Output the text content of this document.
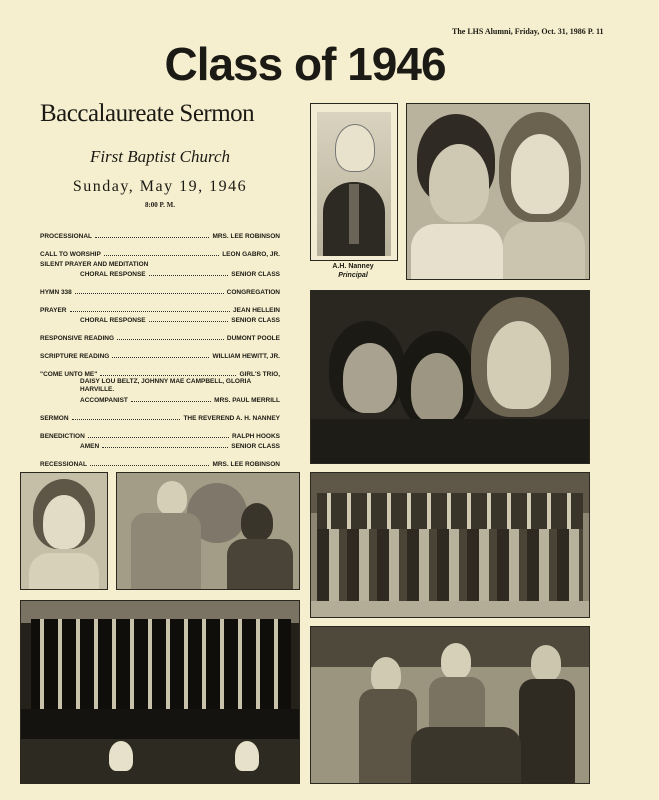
The LHS Alumni, Friday, Oct. 31, 1986 P. 11
Class of 1946
Baccalaureate Sermon
First Baptist Church
Sunday, May 19, 1946
8:00 P. M.
PROCESSIONAL	MRS. LEE ROBINSON
CALL TO WORSHIP	LEON GABRO, JR.
SILENT PRAYER AND MEDITATION
CHORAL RESPONSE	SENIOR CLASS
HYMN 338	CONGREGATION
PRAYER	JEAN HELLEIN
CHORAL RESPONSE	SENIOR CLASS
RESPONSIVE READING	DUMONT POOLE
SCRIPTURE READING	WILLIAM HEWITT, JR.
"COME UNTO ME"	GIRL'S TRIO,
DAISY LOU BELTZ, JOHNNY MAE CAMPBELL, GLORIA HARVILLE.
ACCOMPANIST	MRS. PAUL MERRILL
SERMON	THE REVEREND A. H. NANNEY
BENEDICTION	RALPH HOOKS
AMEN	SENIOR CLASS
RECESSIONAL	MRS. LEE ROBINSON
A.H. Nanney
Principal
